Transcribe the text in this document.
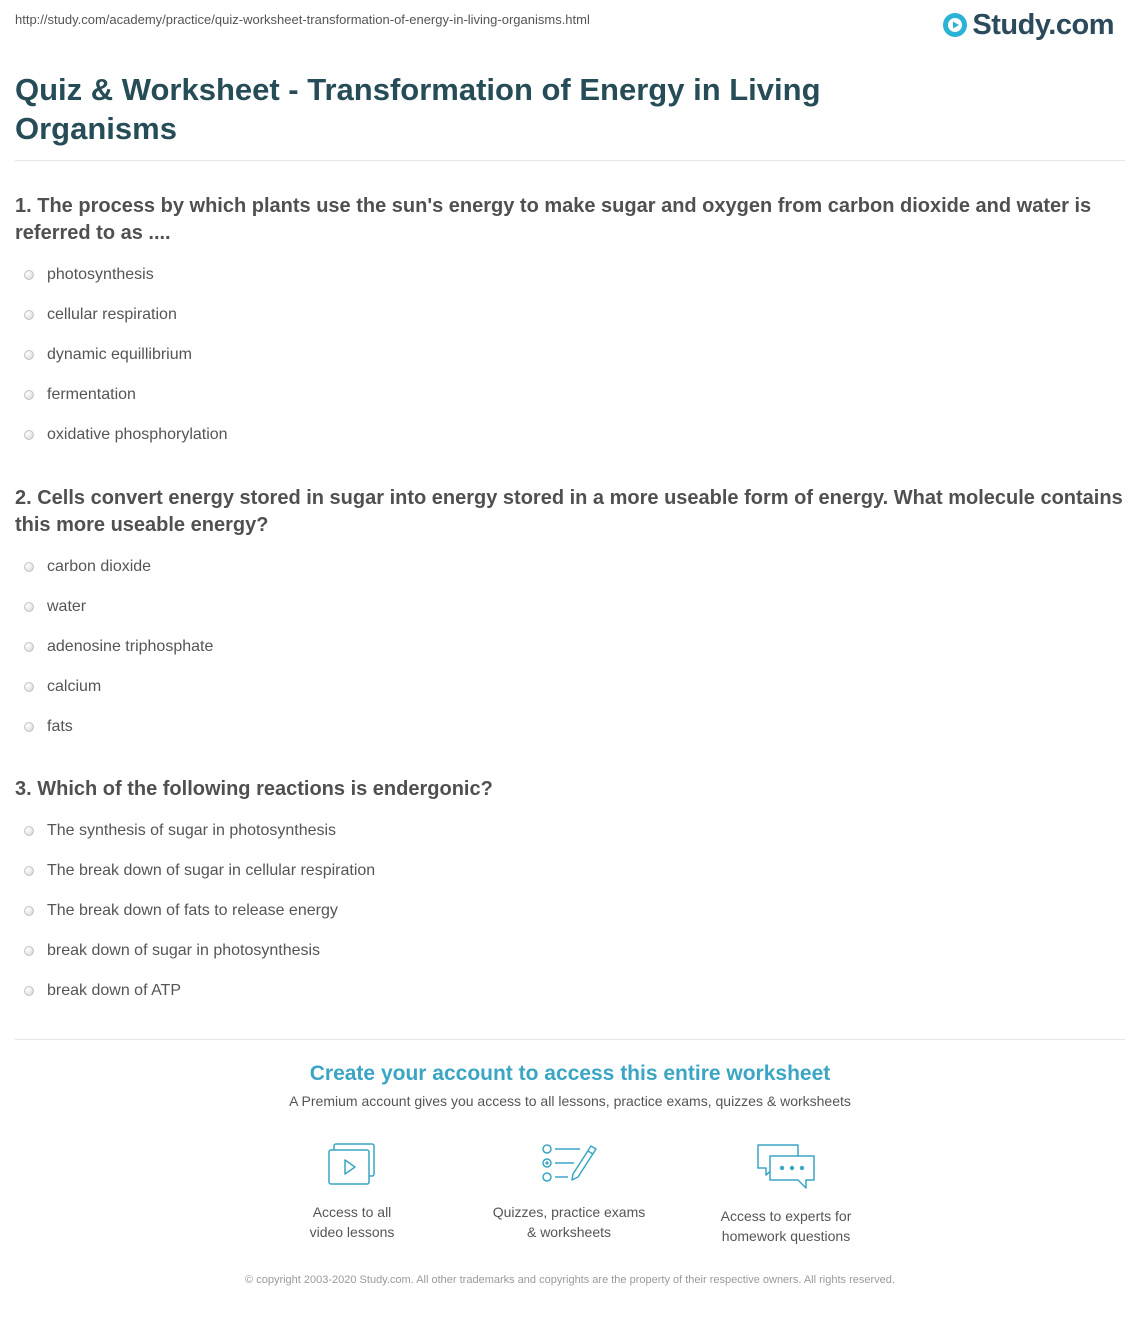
http://study.com/academy/practice/quiz-worksheet-transformation-of-energy-in-living-organisms.html	Study.com
Quiz & Worksheet - Transformation of Energy in Living Organisms

1. The process by which plants use the sun's energy to make sugar and oxygen from carbon dioxide and water is referred to as ....

photosynthesis
cellular respiration
dynamic equillibrium
fermentation
oxidative phosphorylation

2. Cells convert energy stored in sugar into energy stored in a more useable form of energy. What molecule contains this more useable energy?

carbon dioxide
water
adenosine triphosphate
calcium
fats

3. Which of the following reactions is endergonic?

The synthesis of sugar in photosynthesis
The break down of sugar in cellular respiration
The break down of fats to release energy
break down of sugar in photosynthesis
break down of ATP
Create your account to access this entire worksheet
A Premium account gives you access to all lessons, practice exams, quizzes & worksheets
Access to all
video lessons
Quizzes, practice exams
& worksheets
Access to experts for
homework questions
© copyright 2003-2020 Study.com. All other trademarks and copyrights are the property of their respective owners. All rights reserved.
